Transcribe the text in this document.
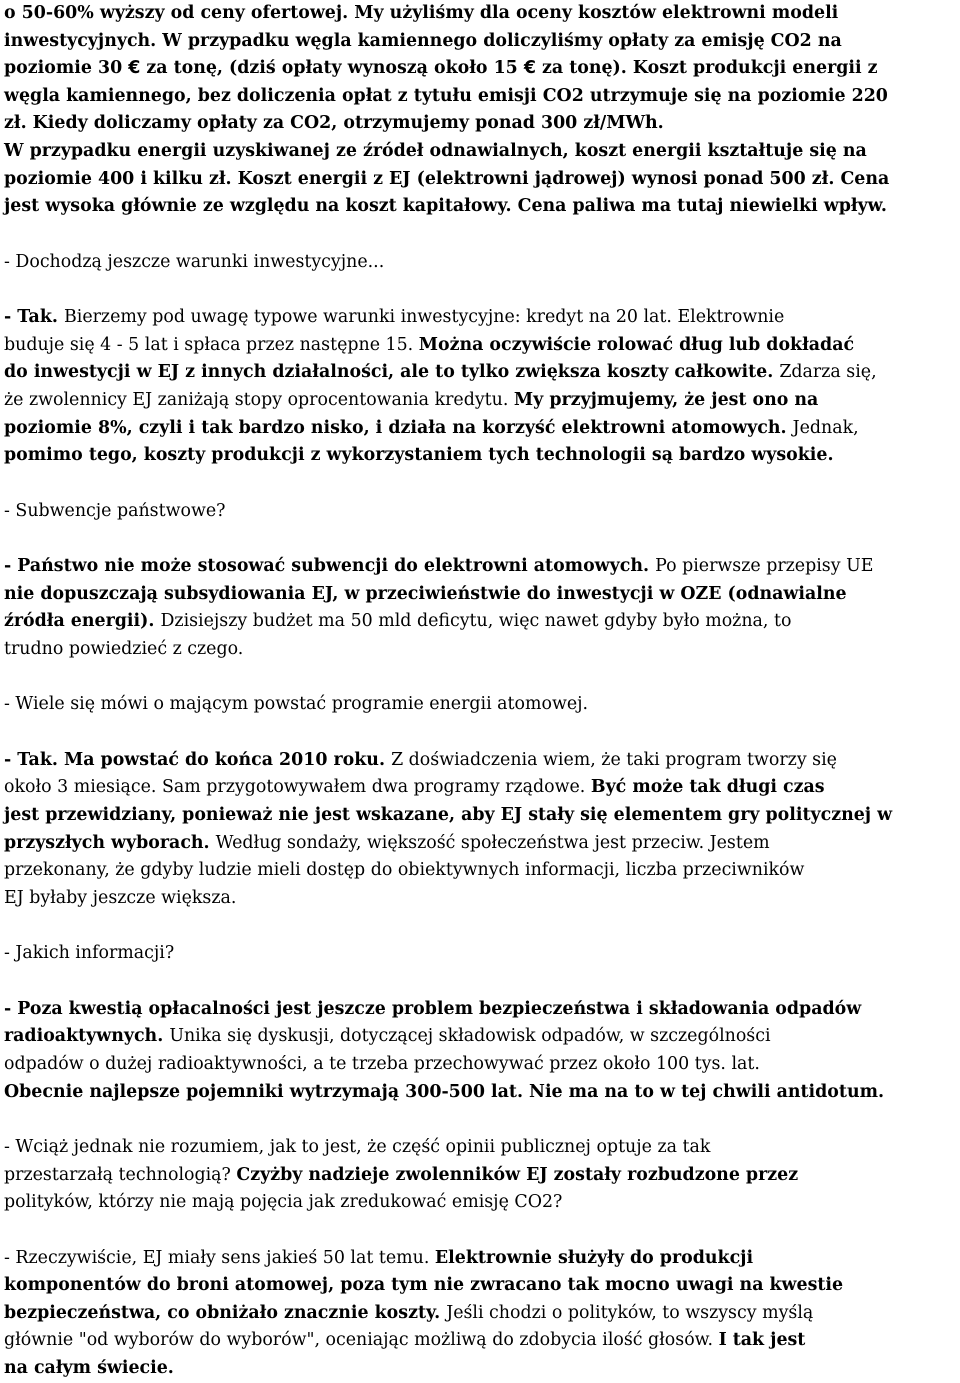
o 50-60% wyższy od ceny ofertowej. My użyliśmy dla oceny kosztów elektrowni modeli
inwestycyjnych. W przypadku węgla kamiennego doliczyliśmy opłaty za emisję CO2 na
poziomie 30 € za tonę, (dziś opłaty wynoszą około 15 € za tonę). Koszt produkcji energii z
węgla kamiennego, bez doliczenia opłat z tytułu emisji CO2 utrzymuje się na poziomie 220
zł. Kiedy doliczamy opłaty za CO2, otrzymujemy ponad 300 zł/MWh.
W przypadku energii uzyskiwanej ze źródeł odnawialnych, koszt energii kształtuje się na
poziomie 400 i kilku zł. Koszt energii z EJ (elektrowni jądrowej) wynosi ponad 500 zł. Cena
jest wysoka głównie ze względu na koszt kapitałowy. Cena paliwa ma tutaj niewielki wpływ.
- Dochodzą jeszcze warunki inwestycyjne...
- Tak. Bierzemy pod uwagę typowe warunki inwestycyjne: kredyt na 20 lat. Elektrownie
buduje się 4 - 5 lat i spłaca przez następne 15. Można oczywiście rolować dług lub dokładać
do inwestycji w EJ z innych działalności, ale to tylko zwiększa koszty całkowite. Zdarza się,
że zwolennicy EJ zaniżają stopy oprocentowania kredytu. My przyjmujemy, że jest ono na
poziomie 8%, czyli i tak bardzo nisko, i działa na korzyść elektrowni atomowych. Jednak,
pomimo tego, koszty produkcji z wykorzystaniem tych technologii są bardzo wysokie.
- Subwencje państwowe?
- Państwo nie może stosować subwencji do elektrowni atomowych. Po pierwsze przepisy UE
nie dopuszczają subsydiowania EJ, w przeciwieństwie do inwestycji w OZE (odnawialne
źródła energii). Dzisiejszy budżet ma 50 mld deficytu, więc nawet gdyby było można, to
trudno powiedzieć z czego.
- Wiele się mówi o mającym powstać programie energii atomowej.
- Tak. Ma powstać do końca 2010 roku. Z doświadczenia wiem, że taki program tworzy się
około 3 miesiące. Sam przygotowywałem dwa programy rządowe. Być może tak długi czas
jest przewidziany, ponieważ nie jest wskazane, aby EJ stały się elementem gry politycznej w
przyszłych wyborach. Według sondaży, większość społeczeństwa jest przeciw. Jestem
przekonany, że gdyby ludzie mieli dostęp do obiektywnych informacji, liczba przeciwników
EJ byłaby jeszcze większa.
- Jakich informacji?
- Poza kwestią opłacalności jest jeszcze problem bezpieczeństwa i składowania odpadów
radioaktywnych. Unika się dyskusji, dotyczącej składowisk odpadów, w szczególności
odpadów o dużej radioaktywności, a te trzeba przechowywać przez około 100 tys. lat.
Obecnie najlepsze pojemniki wytrzymają 300-500 lat. Nie ma na to w tej chwili antidotum.
- Wciąż jednak nie rozumiem, jak to jest, że część opinii publicznej optuje za tak
przestarzałą technologią? Czyżby nadzieje zwolenników EJ zostały rozbudzone przez
polityków, którzy nie mają pojęcia jak zredukować emisję CO2?
- Rzeczywiście, EJ miały sens jakieś 50 lat temu. Elektrownie służyły do produkcji
komponentów do broni atomowej, poza tym nie zwracano tak mocno uwagi na kwestie
bezpieczeństwa, co obniżało znacznie koszty. Jeśli chodzi o polityków, to wszyscy myślą
głównie "od wyborów do wyborów", oceniając możliwą do zdobycia ilość głosów. I tak jest
na całym świecie.
